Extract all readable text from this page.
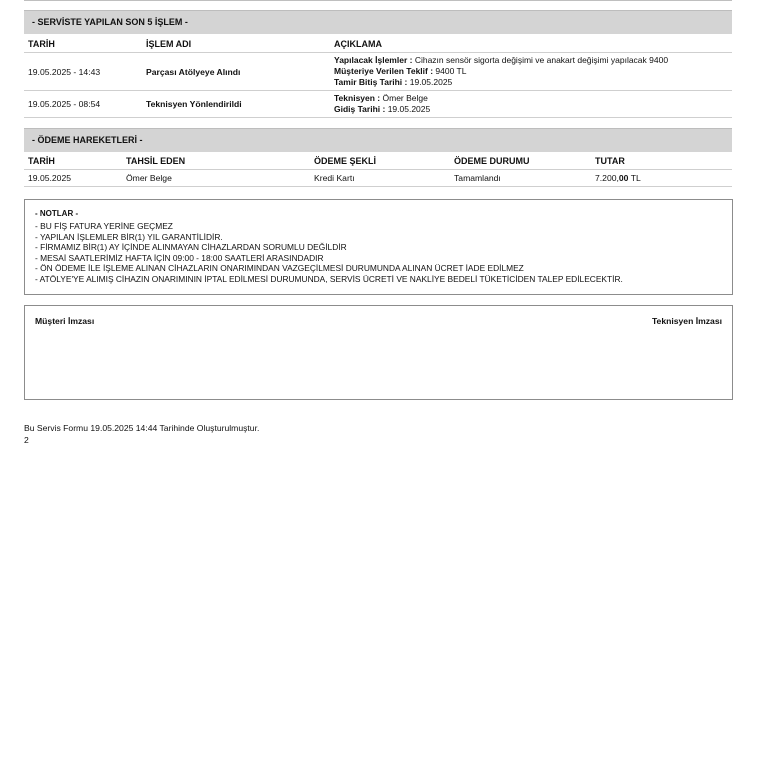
- SERVİSTE YAPILAN SON 5 İŞLEM -
TARİH	İŞLEM ADI	AÇIKLAMA
19.05.2025 - 14:43	Parçası Atölyeye Alındı
Yapılacak İşlemler : Cihazın sensör sigorta değişimi ve anakart değişimi yapılacak 9400
Müşteriye Verilen Teklif : 9400 TL
Tamir Bitiş Tarihi : 19.05.2025
19.05.2025 - 08:54	Teknisyen Yönlendirildi
Teknisyen : Ömer Belge
Gidiş Tarihi : 19.05.2025
- ÖDEME HAREKETLERİ -
TARİH	TAHSİL EDEN	ÖDEME ŞEKLİ	ÖDEME DURUMU	TUTAR
19.05.2025	Ömer Belge	Kredi Kartı	Tamamlandı	7.200,00 TL
- NOTLAR -
- BU FİŞ FATURA YERİNE GEÇMEZ
- YAPILAN İŞLEMLER BİR(1) YIL GARANTİLİDİR.
- FİRMAMIZ BİR(1) AY İÇİNDE ALINMAYAN CİHAZLARDAN SORUMLU DEĞİLDİR
- MESAİ SAATLERİMİZ HAFTA İÇİN 09:00 - 18:00 SAATLERİ ARASINDADIR
- ÖN ÖDEME İLE İŞLEME ALINAN CİHAZLARIN ONARIMINDAN VAZGEÇİLMESİ DURUMUNDA ALINAN ÜCRET İADE EDİLMEZ
- ATÖLYE'YE ALIMIŞ CİHAZIN ONARIMININ İPTAL EDİLMESİ DURUMUNDA, SERVİS ÜCRETİ VE NAKLİYE BEDELİ TÜKETİCİDEN TALEP EDİLECEKTİR.
Müşteri İmzası	Teknisyen İmzası
Bu Servis Formu 19.05.2025 14:44 Tarihinde Oluşturulmuştur.
2
